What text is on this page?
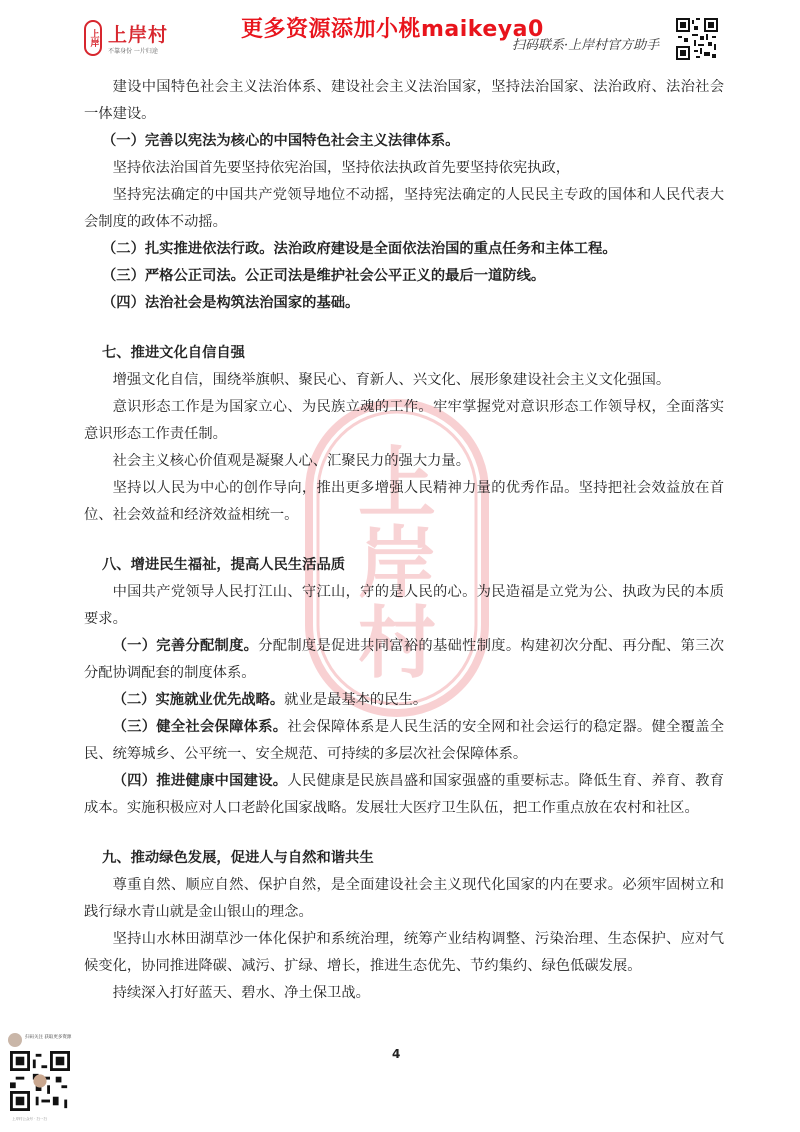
上岸 上岸村
不靠身份 一片归途
更多资源添加小桃maikeya0
扫码联系·上岸村官方助手
上
岸
村

建设中国特色社会主义法治体系、建设社会主义法治国家，坚持法治国家、法治政府、法治社会一体建设。

（一）完善以宪法为核心的中国特色社会主义法律体系。

坚持依法治国首先要坚持依宪治国，坚持依法执政首先要坚持依宪执政，

坚持宪法确定的中国共产党领导地位不动摇，坚持宪法确定的人民民主专政的国体和人民代表大会制度的政体不动摇。

（二）扎实推进依法行政。法治政府建设是全面依法治国的重点任务和主体工程。

（三）严格公正司法。公正司法是维护社会公平正义的最后一道防线。

（四）法治社会是构筑法治国家的基础。

七、推进文化自信自强

增强文化自信，围绕举旗帜、聚民心、育新人、兴文化、展形象建设社会主义文化强国。

意识形态工作是为国家立心、为民族立魂的工作。牢牢掌握党对意识形态工作领导权，全面落实意识形态工作责任制。

社会主义核心价值观是凝聚人心、汇聚民力的强大力量。

坚持以人民为中心的创作导向，推出更多增强人民精神力量的优秀作品。坚持把社会效益放在首位、社会效益和经济效益相统一。

八、增进民生福祉，提高人民生活品质

中国共产党领导人民打江山、守江山，守的是人民的心。为民造福是立党为公、执政为民的本质要求。

（一）完善分配制度。分配制度是促进共同富裕的基础性制度。构建初次分配、再分配、第三次分配协调配套的制度体系。

（二）实施就业优先战略。就业是最基本的民生。

（三）健全社会保障体系。社会保障体系是人民生活的安全网和社会运行的稳定器。健全覆盖全民、统筹城乡、公平统一、安全规范、可持续的多层次社会保障体系。

（四）推进健康中国建设。人民健康是民族昌盛和国家强盛的重要标志。降低生育、养育、教育成本。实施积极应对人口老龄化国家战略。发展壮大医疗卫生队伍，把工作重点放在农村和社区。

九、推动绿色发展，促进人与自然和谐共生

尊重自然、顺应自然、保护自然，是全面建设社会主义现代化国家的内在要求。必须牢固树立和践行绿水青山就是金山银山的理念。

坚持山水林田湖草沙一体化保护和系统治理，统筹产业结构调整、污染治理、生态保护、应对气候变化，协同推进降碳、减污、扩绿、增长，推进生态优先、节约集约、绿色低碳发展。

持续深入打好蓝天、碧水、净土保卫战。

4
扫码关注 获取更多资源
上岸村公众号 · 扫一扫
